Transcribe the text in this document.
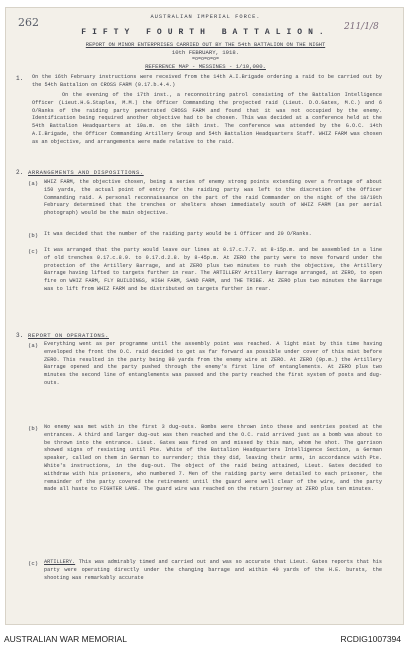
262	211/1/8
AUSTRALIAN IMPERIAL FORCE.
FIFTY FOURTH BATTALION.
REPORT ON MINOR ENTERPRISES CARRIED OUT BY THE 54th BATTALION ON THE NIGHT
10th FEBRUARY, 1918.
=o=o=o=o=
REFERENCE MAP - MESSINES - 1/10,000.
1. On the 16th February instructions were received from the 14th A.I.Brigade ordering a raid to be carried out by the 54th Battalion on CROSS FARM (0.17.b.4.4.)
On the evening of the 17th inst., a reconnoitring patrol consisting of the Battalion Intelligence Officer (Lieut.H.G.Staples, M.M.) the Officer Commanding the projected raid (Lieut. D.O.Gates, M.C.) and 6 O/Ranks of the raiding party penetrated CROSS FARM and found that it was not occupied by the enemy. Identification being required another objective had to be chosen. This was decided at a conference held at the 54th Battalion Headquarters at 10a.m. on the 18th inst. The conference was attended by the G.O.C. 14th A.I.Brigade, the Officer Commanding Artillery Group and 54th Battalion Headquarters Staff. WHIZ FARM was chosen as an objective, and arrangements were made relative to the raid.
2. ARRANGEMENTS AND DISPOSITIONS.
(a) WHIZ FARM, the objective chosen, being a series of enemy strong points extending over a frontage of about 150 yards, the actual point of entry for the raiding party was left to the discretion of the Officer Commanding raid. A personal reconnaissance on the part of the raid Commander on the night of the 18/19th February determined that the trenches or shelters shown immediately south of WHIZ FARM (as per aerial photograph) would be the main objective.
(b) It was decided that the number of the raiding party would be 1 Officer and 20 O/Ranks.
(c) It was arranged that the party would leave our lines at 0.17.c.7.7. at 8-15p.m. and be assembled in a line of old trenches 0.17.c.8.9. to 0.17.d.2.8. by 8-45p.m. At ZERO the party were to move forward under the protection of the Artillery Barrage, and at ZERO plus two minutes to rush the objective, the Artillery Barrage having lifted to targets further in rear. The ARTILLERY Artillery Barrage arranged, at ZERO, to open fire on WHIZ FARM, FLY BUILDINGS, HIGH FARM, SAND FARM, and THE TRIBE. At ZERO plus two minutes the Barrage was to lift from WHIZ FARM and be distributed on targets further in rear.
3. REPORT ON OPERATIONS.
(a) Everything went as per programme until the assembly point was reached. A light mist by this time having enveloped the front the O.C. raid decided to get as far forward as possible under cover of this mist before ZERO. This resulted in the party being 80 yards from the enemy wire at ZERO. At ZERO (9p.m.) the Artillery Barrage opened and the party pushed through the enemy's first line of entanglements. At ZERO plus two minutes the second line of entanglements was passed and the party reached the first system of posts and dug-outs.
(b) No enemy was met with in the first 3 dug-outs. Bombs were thrown into these and sentries posted at the entrances. A third and larger dug-out was then reached and the O.C. raid arrived just as a bomb was about to be thrown into the entrance. Lieut. Gates was fired on and missed by this man, whom he shot. The garrison showed signs of resisting until Pte. White of the Battalion Headquarters Intelligence Section, a German speaker, called on them in German to surrender; this they did, leaving their arms, in accordance with Pte. White's instructions, in the dug-out. The object of the raid being attained, Lieut. Gates decided to withdraw with his prisoners, who numbered 7. Men of the raiding party were detailed to each prisoner, the remainder of the party covered the retirement until the guard were well clear of the wire, and the party made all haste to FIGHTER LANE. The guard wire was reached on the return journey at ZERO plus ten minutes.
(c) ARTILLERY. This was admirably timed and carried out and was so accurate that Lieut. Gates reports that his party were operating directly under the changing barrage and within 40 yards of the H.E. bursts, the shooting was remarkably accurate
AUSTRALIAN WAR MEMORIAL	RCDIG1007394
